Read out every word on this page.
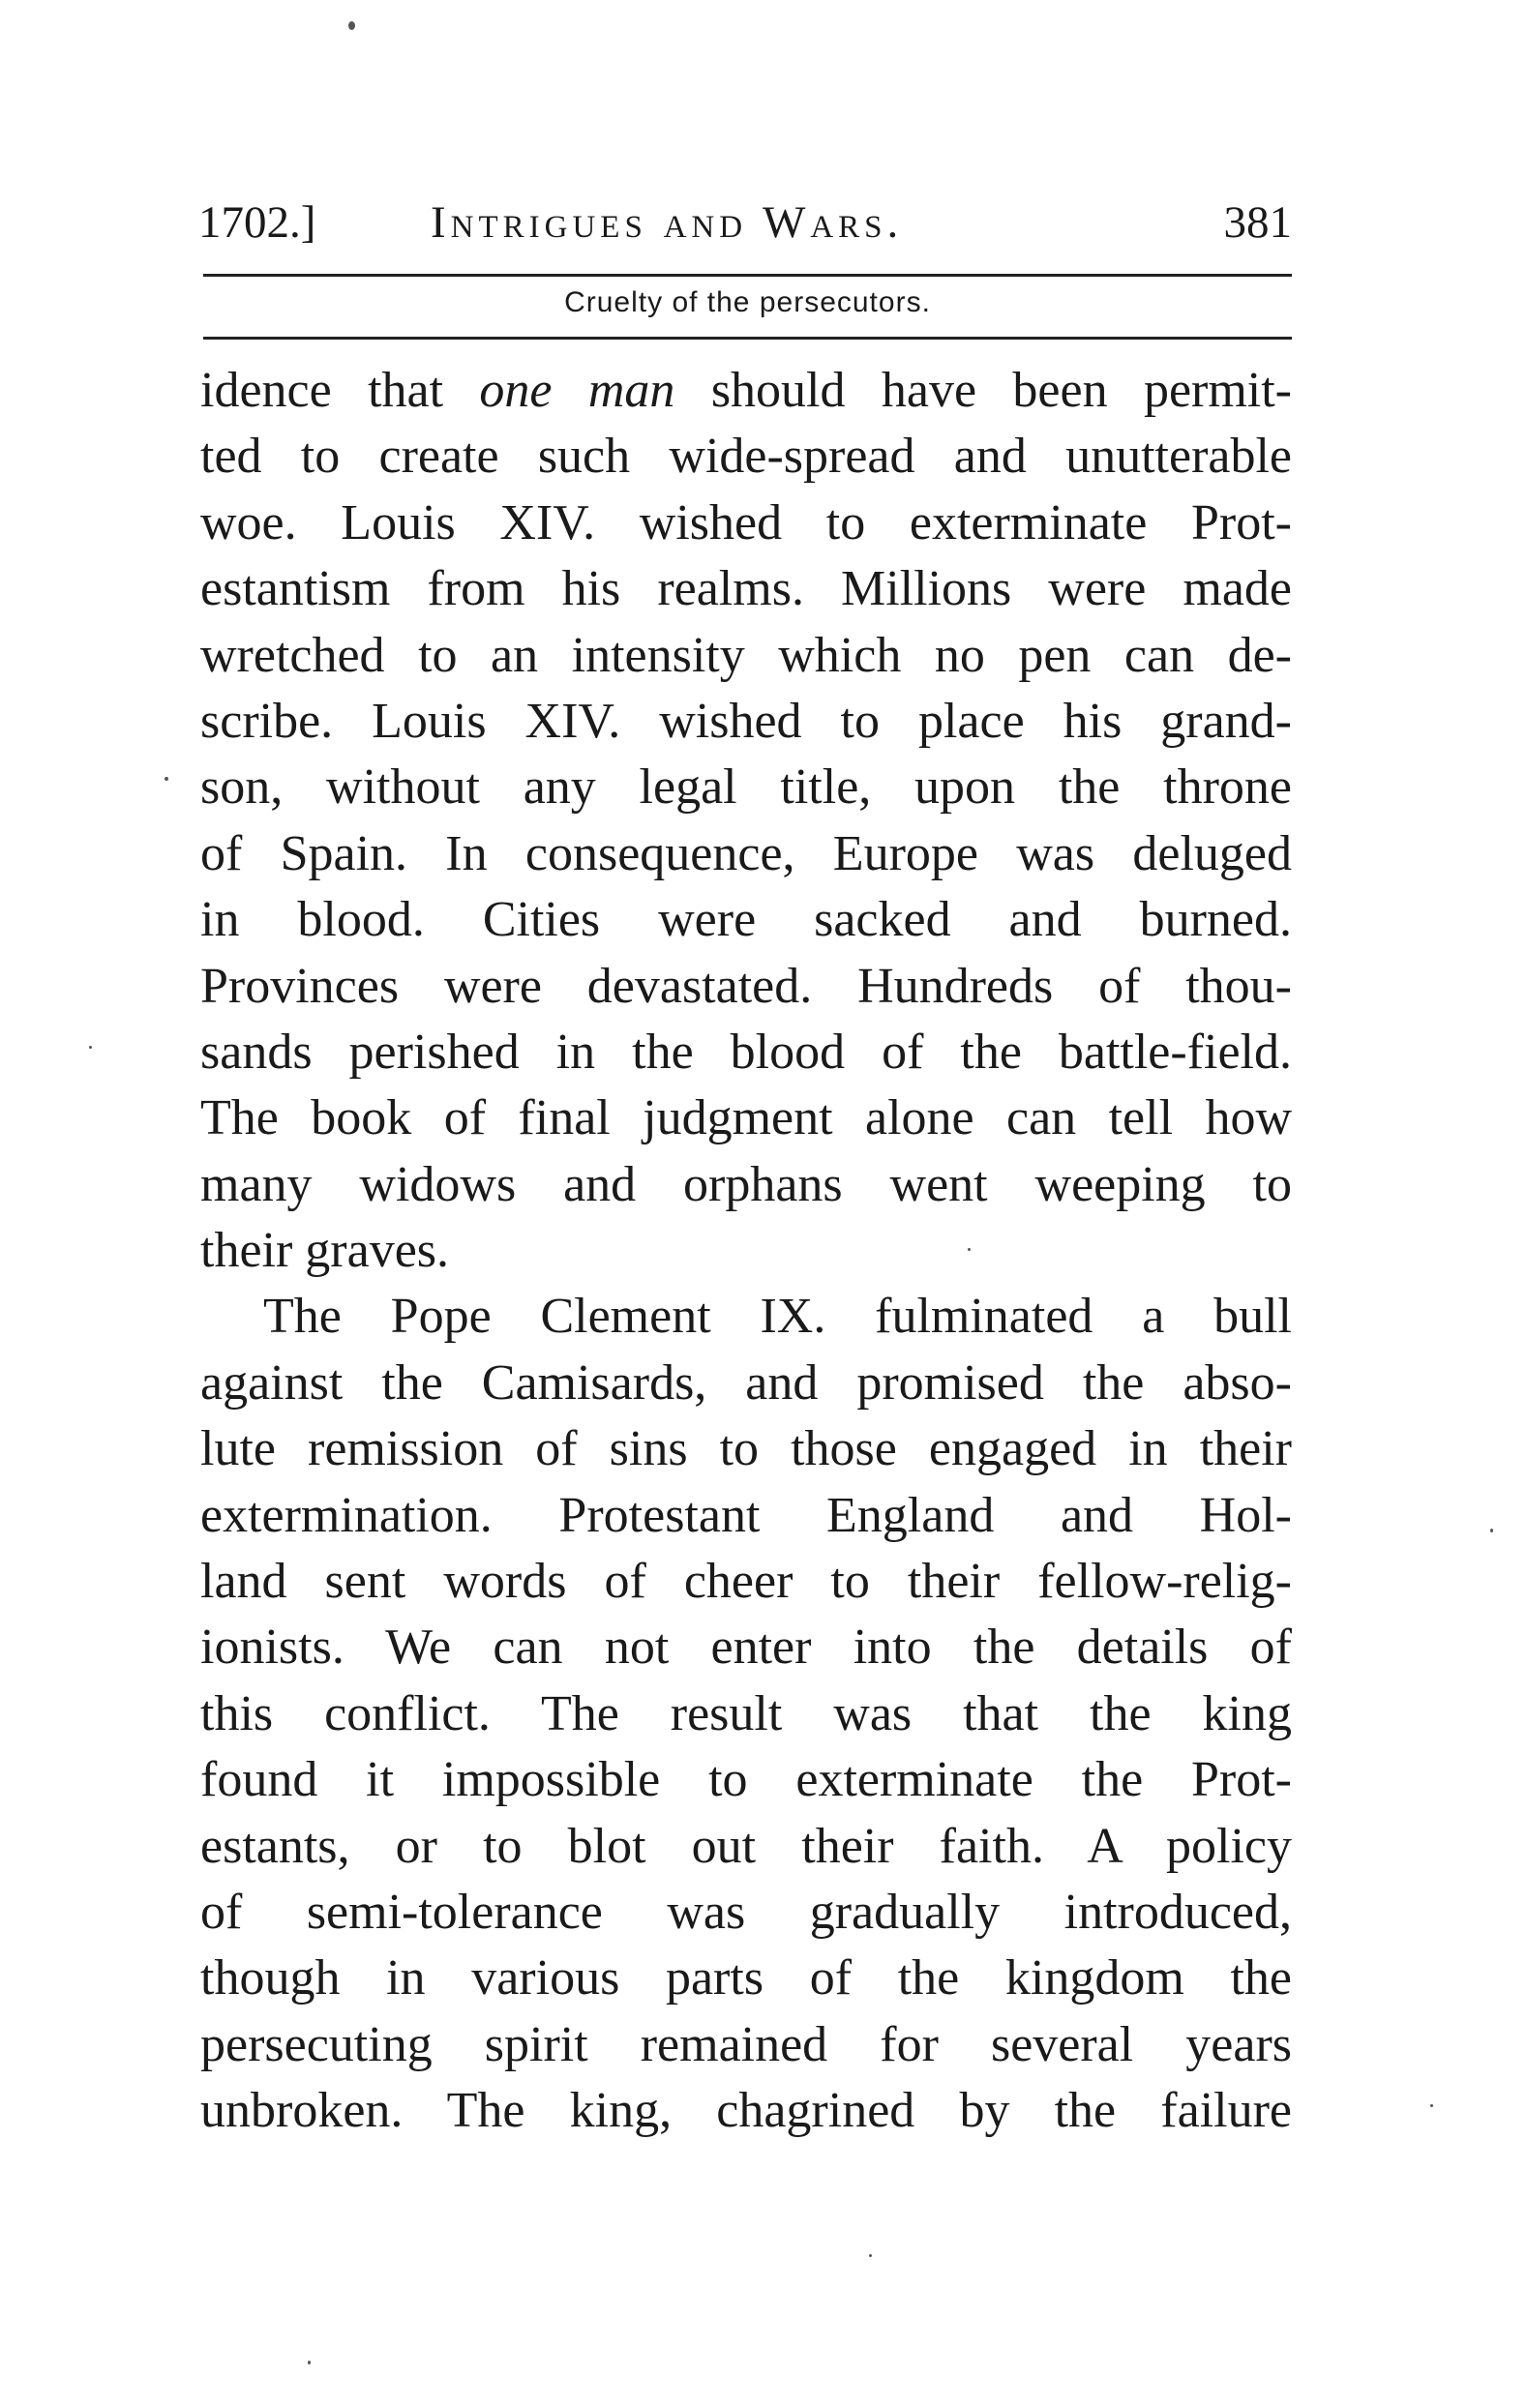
1702.]	Intrigues and Wars.	381
Cruelty of the persecutors.
idence that one man should have been permit-
ted to create such wide-spread and unutterable
woe. Louis XIV. wished to exterminate Prot-
estantism from his realms. Millions were made
wretched to an intensity which no pen can de-
scribe. Louis XIV. wished to place his grand-
son, without any legal title, upon the throne
of Spain. In consequence, Europe was deluged
in blood. Cities were sacked and burned.
Provinces were devastated. Hundreds of thou-
sands perished in the blood of the battle-field.
The book of final judgment alone can tell how
many widows and orphans went weeping to
their graves.
The Pope Clement IX. fulminated a bull
against the Camisards, and promised the abso-
lute remission of sins to those engaged in their
extermination. Protestant England and Hol-
land sent words of cheer to their fellow-relig-
ionists. We can not enter into the details of
this conflict. The result was that the king
found it impossible to exterminate the Prot-
estants, or to blot out their faith. A policy
of semi-tolerance was gradually introduced,
though in various parts of the kingdom the
persecuting spirit remained for several years
unbroken. The king, chagrined by the failure
